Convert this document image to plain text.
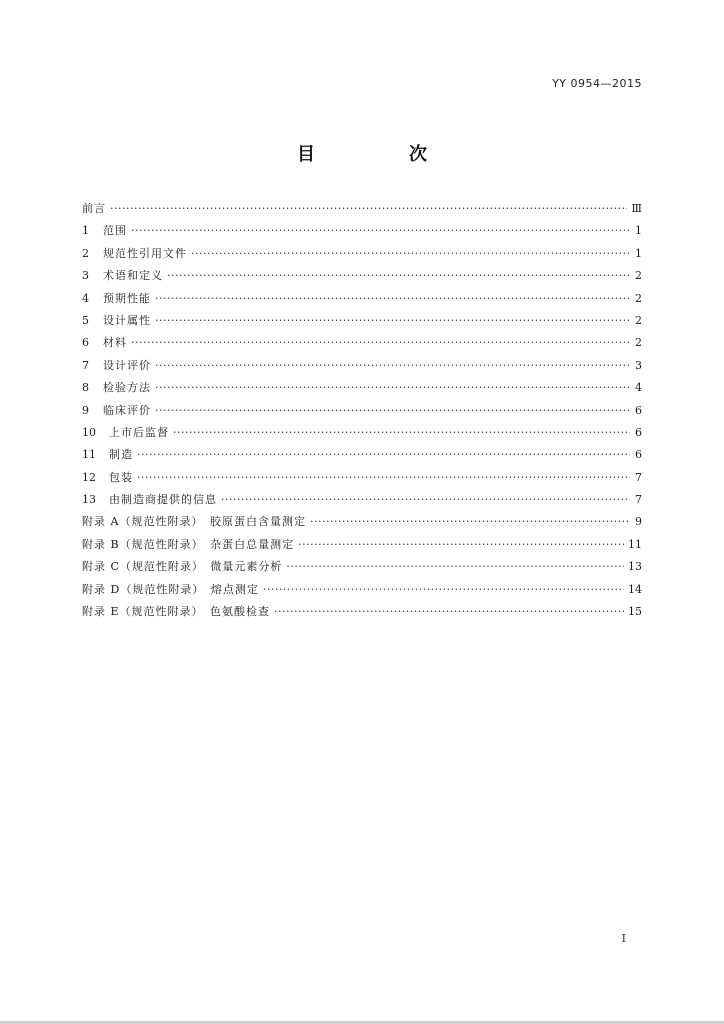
YY 0954—2015
目　次
前言 ·····	Ⅲ
1	范围 ·····	1
2	规范性引用文件 ·····	1
3	术语和定义 ·····	2
4	预期性能 ·····	2
5	设计属性 ·····	2
6	材料 ·····	2
7	设计评价 ·····	3
8	检验方法 ·····	4
9	临床评价 ·····	6
10	上市后监督 ·····	6
11	制造 ·····	6
12	包装 ·····	7
13	由制造商提供的信息 ·····	7
附录 A（规范性附录）　胶原蛋白含量测定 ·····	9
附录 B（规范性附录）　杂蛋白总量测定 ·····	11
附录 C（规范性附录）　微量元素分析 ·····	13
附录 D（规范性附录）　熔点测定 ·····	14
附录 E（规范性附录）　色氨酸检查 ·····	15
I
